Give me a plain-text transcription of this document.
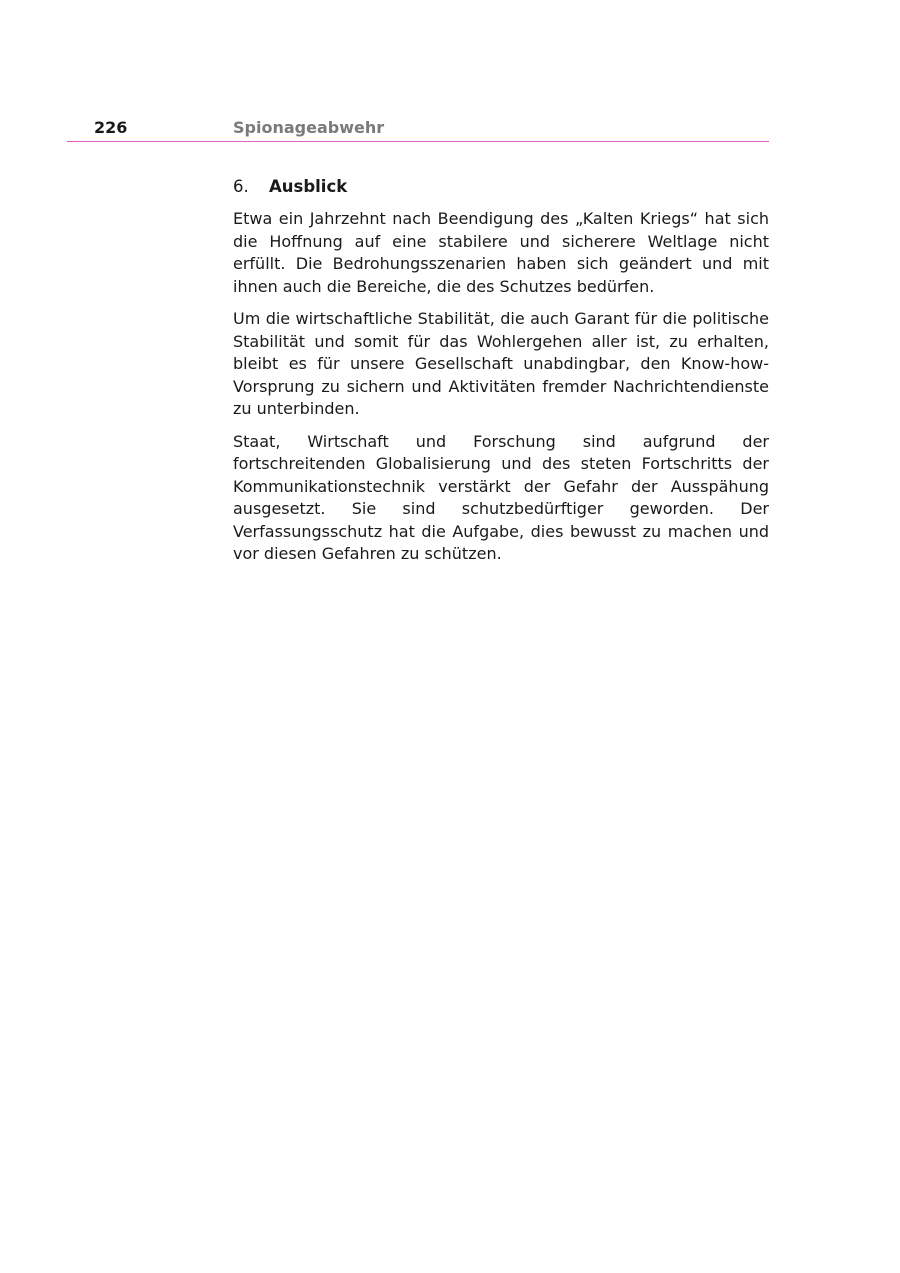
226	Spionageabwehr
6. Ausblick

Etwa ein Jahrzehnt nach Beendigung des „Kalten Kriegs“ hat sich die Hoffnung auf eine stabilere und sicherere Weltlage nicht erfüllt. Die Bedrohungsszenarien haben sich geändert und mit ihnen auch die Bereiche, die des Schutzes bedürfen.

Um die wirtschaftliche Stabilität, die auch Garant für die politische Stabilität und somit für das Wohlergehen aller ist, zu erhalten, bleibt es für unsere Gesellschaft unabdingbar, den Know-how-Vorsprung zu sichern und Aktivitäten fremder Nachrichtendienste zu unterbinden.

Staat, Wirtschaft und Forschung sind aufgrund der fortschreitenden Globalisierung und des steten Fortschritts der Kommunikationstechnik verstärkt der Gefahr der Ausspähung ausgesetzt. Sie sind schutzbedürftiger geworden. Der Verfassungsschutz hat die Aufgabe, dies bewusst zu machen und vor diesen Gefahren zu schützen.
